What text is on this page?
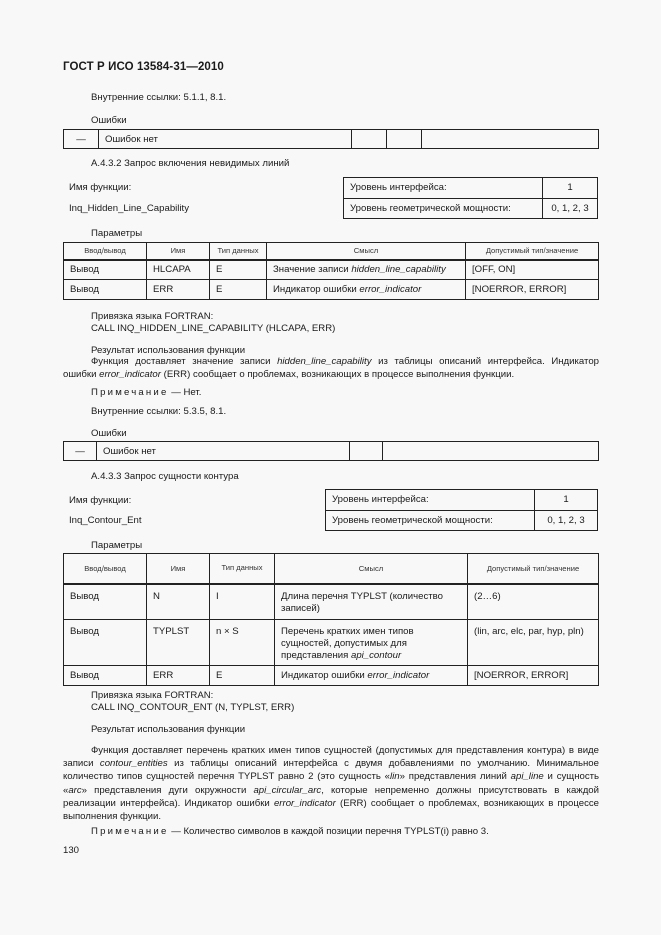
ГОСТ Р ИСО 13584-31—2010
Внутренние ссылки: 5.1.1, 8.1.
Ошибки
—	Ошибок нет			
А.4.3.2 Запрос включения невидимых линий
Имя функции:
Inq_Hidden_Line_Capability
Уровень интерфейса:	1
Уровень геометрической мощности:	0, 1, 2, 3
Параметры
Ввод/вывод	Имя	Тип данных	Смысл	Допустимый тип/значение
Вывод	HLCAPA	E	Значение записи hidden_line_capability	[OFF, ON]
Вывод	ERR	E	Индикатор ошибки error_indicator	[NOERROR, ERROR]
Привязка языка FORTRAN:
CALL INQ_HIDDEN_LINE_CAPABILITY (HLCAPA, ERR)
Результат использования функции
Функция доставляет значение записи hidden_line_capability из таблицы описаний интерфейса. Индикатор ошибки error_indicator (ERR) сообщает о проблемах, возникающих в процессе выполнения функции.
Примечание — Нет.
Внутренние ссылки: 5.3.5, 8.1.
Ошибки
—	Ошибок нет		
А.4.3.3 Запрос сущности контура
Имя функции:
Inq_Contour_Ent
Уровень интерфейса:	1
Уровень геометрической мощности:	0, 1, 2, 3
Параметры
Ввод/вывод	Имя	Тип данных	Смысл	Допустимый тип/значение
Вывод	N	I	Длина перечня TYPLST (количество записей)	(2…6)
Вывод	TYPLST	n × S	Перечень кратких имен типов сущностей, допустимых для представления api_contour	(lin, arc, elc, par, hyp, pln)
Вывод	ERR	E	Индикатор ошибки error_indicator	[NOERROR, ERROR]
Привязка языка FORTRAN:
CALL INQ_CONTOUR_ENT (N, TYPLST, ERR)
Результат использования функции
Функция доставляет перечень кратких имен типов сущностей (допустимых для представления контура) в виде записи contour_entities из таблицы описаний интерфейса с двумя добавлениями по умолчанию. Минимальное количество типов сущностей перечня TYPLST равно 2 (это сущность «lin» представления линий api_line и сущность «arc» представления дуги окружности api_circular_arc, которые непременно должны присутствовать в каждой реализации интерфейса). Индикатор ошибки error_indicator (ERR) сообщает о проблемах, возникающих в процессе выполнения функции.
Примечание — Количество символов в каждой позиции перечня TYPLST(i) равно 3.
130
